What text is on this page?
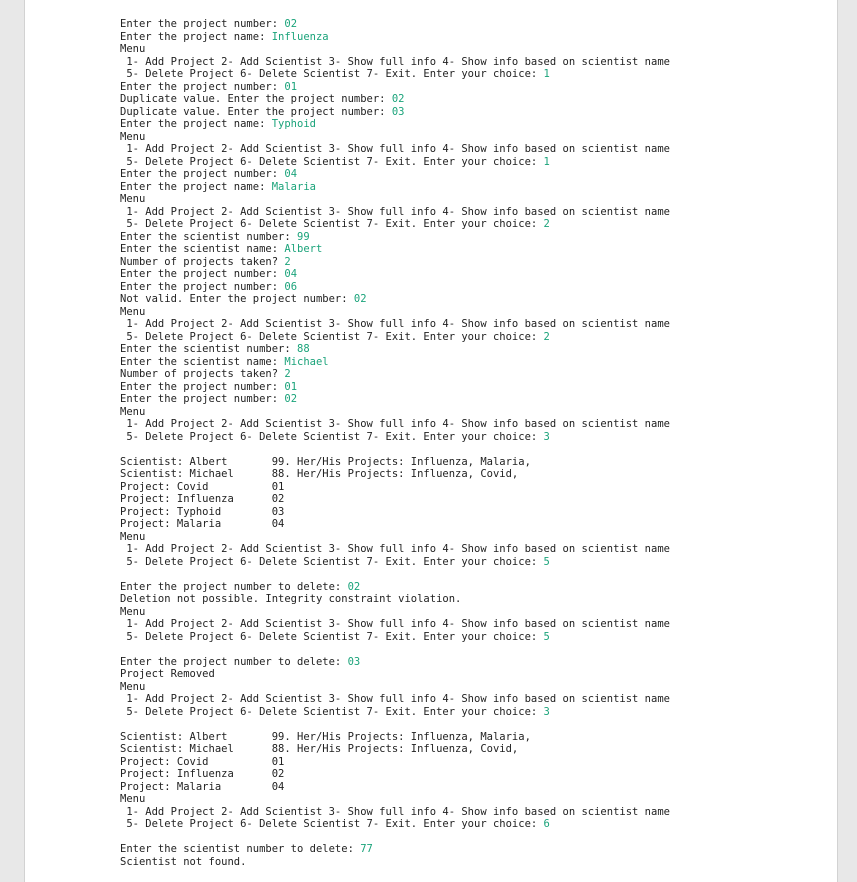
Enter the project number: 02
Enter the project name: Influenza
Menu
1- Add Project 2- Add Scientist 3- Show full info 4- Show info based on scientist name
5- Delete Project 6- Delete Scientist 7- Exit. Enter your choice: 1
Enter the project number: 01
Duplicate value. Enter the project number: 02
Duplicate value. Enter the project number: 03
Enter the project name: Typhoid
Menu
1- Add Project 2- Add Scientist 3- Show full info 4- Show info based on scientist name
5- Delete Project 6- Delete Scientist 7- Exit. Enter your choice: 1
Enter the project number: 04
Enter the project name: Malaria
Menu
1- Add Project 2- Add Scientist 3- Show full info 4- Show info based on scientist name
5- Delete Project 6- Delete Scientist 7- Exit. Enter your choice: 2
Enter the scientist number: 99
Enter the scientist name: Albert
Number of projects taken? 2
Enter the project number: 04
Enter the project number: 06
Not valid. Enter the project number: 02
Menu
1- Add Project 2- Add Scientist 3- Show full info 4- Show info based on scientist name
5- Delete Project 6- Delete Scientist 7- Exit. Enter your choice: 2
Enter the scientist number: 88
Enter the scientist name: Michael
Number of projects taken? 2
Enter the project number: 01
Enter the project number: 02
Menu
1- Add Project 2- Add Scientist 3- Show full info 4- Show info based on scientist name
5- Delete Project 6- Delete Scientist 7- Exit. Enter your choice: 3
Scientist: Albert       99. Her/His Projects: Influenza, Malaria,
Scientist: Michael      88. Her/His Projects: Influenza, Covid,
Project: Covid          01
Project: Influenza      02
Project: Typhoid        03
Project: Malaria        04
Menu
1- Add Project 2- Add Scientist 3- Show full info 4- Show info based on scientist name
5- Delete Project 6- Delete Scientist 7- Exit. Enter your choice: 5
Enter the project number to delete: 02
Deletion not possible. Integrity constraint violation.
Menu
1- Add Project 2- Add Scientist 3- Show full info 4- Show info based on scientist name
5- Delete Project 6- Delete Scientist 7- Exit. Enter your choice: 5
Enter the project number to delete: 03
Project Removed
Menu
1- Add Project 2- Add Scientist 3- Show full info 4- Show info based on scientist name
5- Delete Project 6- Delete Scientist 7- Exit. Enter your choice: 3
Scientist: Albert       99. Her/His Projects: Influenza, Malaria,
Scientist: Michael      88. Her/His Projects: Influenza, Covid,
Project: Covid          01
Project: Influenza      02
Project: Malaria        04
Menu
1- Add Project 2- Add Scientist 3- Show full info 4- Show info based on scientist name
5- Delete Project 6- Delete Scientist 7- Exit. Enter your choice: 6
Enter the scientist number to delete: 77
Scientist not found.
